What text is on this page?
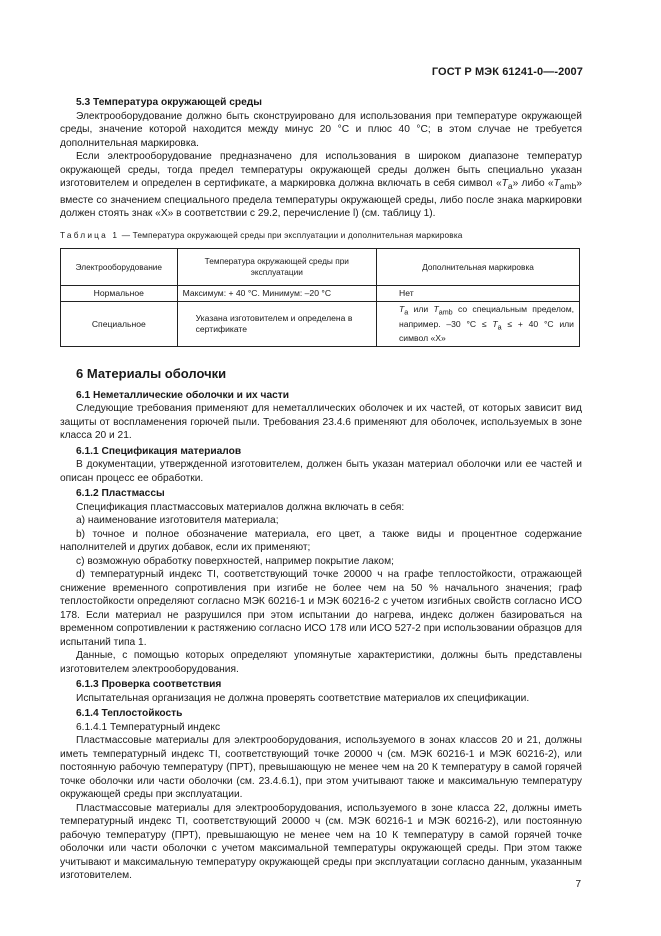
ГОСТ Р МЭК 61241-0—-2007

5.3 Температура окружающей среды

Электрооборудование должно быть сконструировано для использования при температуре окружающей среды, значение которой находится между минус 20 °С и плюс 40 °С; в этом случае не требуется дополнительная маркировка.

Если электрооборудование предназначено для использования в широком диапазоне температур окружающей среды, тогда предел температуры окружающей среды должен быть специально указан изготовителем и определен в сертификате, а маркировка должна включать в себя символ «$T_a$» либо «$T_{amb}$» вместе со значением специального предела температуры окружающей среды, либо после знака маркировки должен стоять знак «Х» в соответствии с 29.2, перечисление l) (см. таблицу 1).

Таблица 1 — Температура окружающей среды при эксплуатации и дополнительная маркировка

Электрооборудование	Температура окружающей среды при эксплуатации	Дополнительная маркировка
Нормальное	Максимум: + 40 °С. Минимум: –20 °С	Нет
Специальное	Указана изготовителем и определена в сертификате	$T_a$ или $T_{amb}$ со специальным пределом, например. –30 $^\circ С \le T_a$ ≤ + 40 °С или символ «Х»

6 Материалы оболочки

6.1 Неметаллические оболочки и их части

Следующие требования применяют для неметаллических оболочек и их частей, от которых зависит вид защиты от воспламенения горючей пыли. Требования 23.4.6 применяют для оболочек, используемых в зоне класса 20 и 21.

6.1.1 Спецификация материалов

В документации, утвержденной изготовителем, должен быть указан материал оболочки или ее частей и описан процесс ее обработки.

6.1.2 Пластмассы

Спецификация пластмассовых материалов должна включать в себя:

a) наименование изготовителя материала;

b) точное и полное обозначение материала, его цвет, а также виды и процентное содержание наполнителей и других добавок, если их применяют;

c) возможную обработку поверхностей, например покрытие лаком;

d) температурный индекс TI, соответствующий точке 20000 ч на графе теплостойкости, отражающей снижение временного сопротивления при изгибе не более чем на 50 % начального значения; граф теплостойкости определяют согласно МЭК 60216-1 и МЭК 60216-2 с учетом изгибных свойств согласно ИСО 178. Если материал не разрушился при этом испытании до нагрева, индекс должен базироваться на временном сопротивлении к растяжению согласно ИСО 178 или ИСО 527-2 при использовании образцов для испытаний типа 1.

Данные, с помощью которых определяют упомянутые характеристики, должны быть представлены изготовителем электрооборудования.

6.1.3 Проверка соответствия

Испытательная организация не должна проверять соответствие материалов их спецификации.

6.1.4 Теплостойкость

6.1.4.1 Температурный индекс

Пластмассовые материалы для электрооборудования, используемого в зонах классов 20 и 21, должны иметь температурный индекс TI, соответствующий точке 20000 ч (см. МЭК 60216-1 и МЭК 60216-2), или постоянную рабочую температуру (ПРТ), превышающую не менее чем на 20 К температуру в самой горячей точке оболочки или части оболочки (см. 23.4.6.1), при этом учитывают также и максимальную температуру окружающей среды при эксплуатации.

Пластмассовые материалы для электрооборудования, используемого в зоне класса 22, должны иметь температурный индекс TI, соответствующий 20000 ч (см. МЭК 60216-1 и МЭК 60216-2), или постоянную рабочую температуру (ПРТ), превышающую не менее чем на 10 К температуру в самой горячей точке оболочки или части оболочки с учетом максимальной температуры окружающей среды. При этом также учитывают и максимальную температуру окружающей среды при эксплуатации согласно данным, указанным изготовителем.

7
